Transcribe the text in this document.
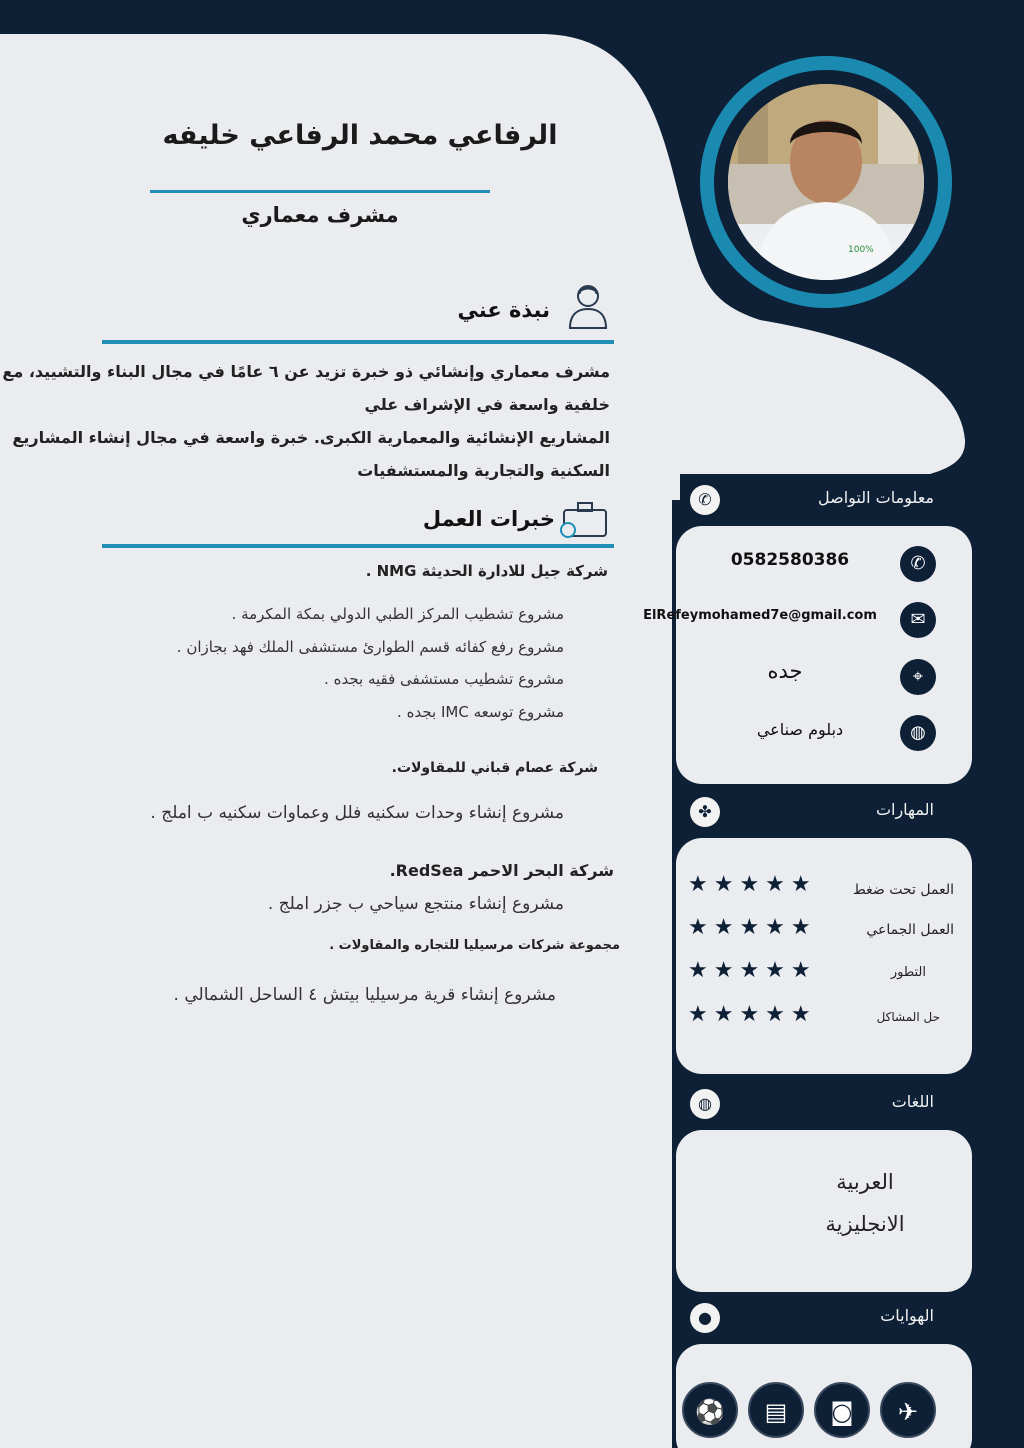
100%
الرفاعي محمد الرفاعي خليفه
مشرف معماري
نبذة عني

مشرف معماري وإنشائي ذو خبرة تزيد عن ٦ عامًا في مجال البناء والتشييد، مع

خلفية واسعة في الإشراف علي

المشاريع الإنشائية والمعمارية الكبرى. خبرة واسعة في مجال إنشاء المشاريع

السكنية والتجارية والمستشفيات

خبرات العمل
شركة جيل للادارة الحديثة NMG .
مشروع تشطيب المركز الطبي الدولي بمكة المكرمة .
مشروع رفع كفائه قسم الطوارئ مستشفى الملك فهد بجازان .
مشروع تشطيب مستشفى فقيه بجده .
مشروع توسعه IMC بجده .
شركة عصام قباني للمقاولات.
مشروع إنشاء وحدات سكنيه فلل وعماوات سكنيه ب املج .
شركة البحر الاحمر RedSea.
مشروع إنشاء منتجع سياحي ب جزر املج .
مجموعة شركات مرسيليا للتجاره والمقاولات .
مشروع إنشاء قرية مرسيليا بيتش ٤ الساحل الشمالي .
معلومات التواصل
✆
✆
0582580386
✉
ElRefeymohamed7e@gmail.com
⌖
جده
◍
دبلوم صناعي
المهارات
✤
العمل تحت ضغط
★★★★★
العمل الجماعي
★★★★★
التطور
★★★★★
حل المشاكل
★★★★★
اللغات
◍
العربية
الانجليزية
الهوايات
●
⚽	▤	◙	✈
